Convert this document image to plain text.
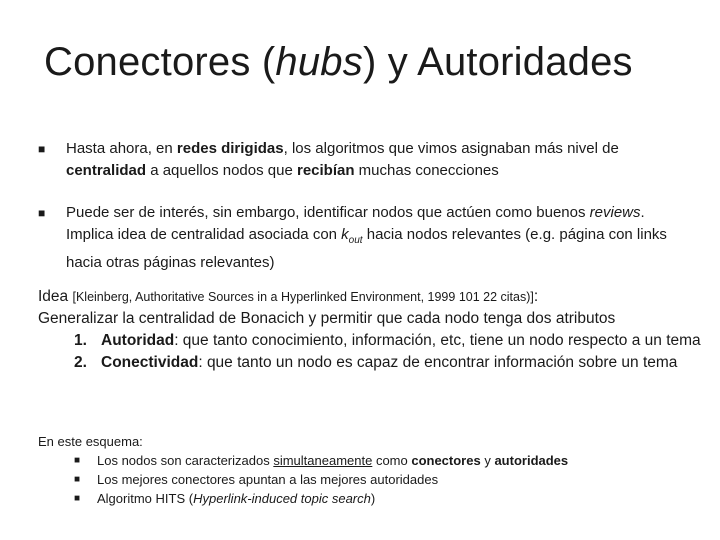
Conectores (hubs) y Autoridades
■ Hasta ahora, en redes dirigidas, los algoritmos que vimos asignaban más nivel de centralidad a aquellos nodos que recibían muchas conecciones
■ Puede ser de interés, sin embargo, identificar nodos que actúen como buenos reviews. Implica idea de centralidad asociada con $k_{out}$ hacia nodos relevantes (e.g. página con links hacia otras páginas relevantes)
Idea [Kleinberg, Authoritative Sources in a Hyperlinked Environment, 1999 101 22 citas)]:
Generalizar la centralidad de Bonacich y permitir que cada nodo tenga dos atributos
1. Autoridad: que tanto conocimiento, información, etc, tiene un nodo respecto a un tema
2. Conectividad: que tanto un nodo es capaz de encontrar información sobre un tema
En este esquema:
■ Los nodos son caracterizados simultaneamente como conectores y autoridades
■ Los mejores conectores apuntan a las mejores autoridades
■ Algoritmo HITS (Hyperlink-induced topic search)
